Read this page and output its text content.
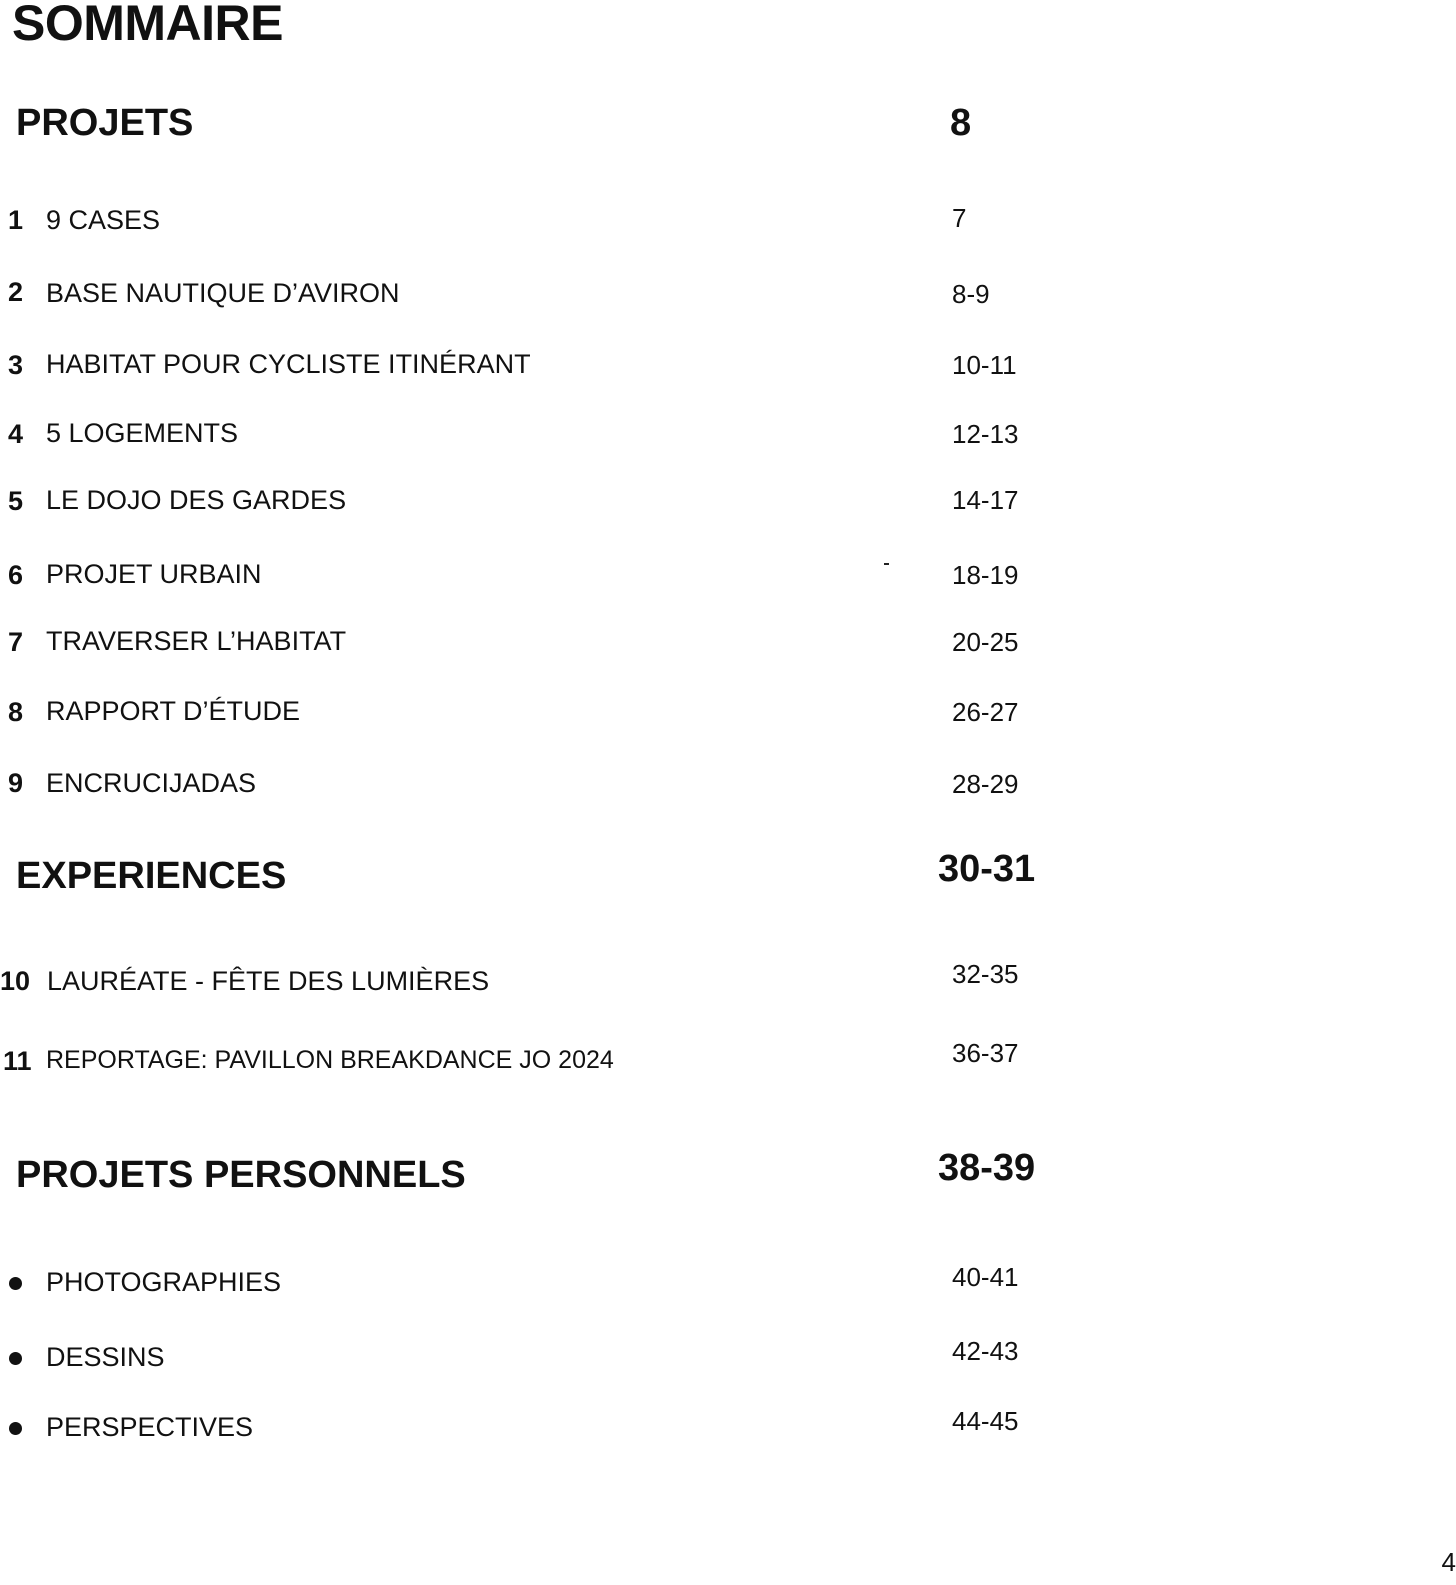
SOMMAIRE
PROJETS	8
1 9 CASES	7
2 BASE NAUTIQUE D’AVIRON	8-9
3 HABITAT POUR CYCLISTE ITINÉRANT	10-11
4 5 LOGEMENTS	12-13
5 LE DOJO DES GARDES	14-17
6 PROJET URBAIN	18-19
7 TRAVERSER L’HABITAT	20-25
8 RAPPORT D’ÉTUDE	26-27
9 ENCRUCIJADAS	28-29
EXPERIENCES	30-31
10 LAURÉATE - FÊTE DES LUMIÈRES	32-35
11 REPORTAGE: PAVILLON BREAKDANCE JO 2024	36-37
PROJETS PERSONNELS	38-39
PHOTOGRAPHIES	40-41
DESSINS	42-43
PERSPECTIVES	44-45
4
